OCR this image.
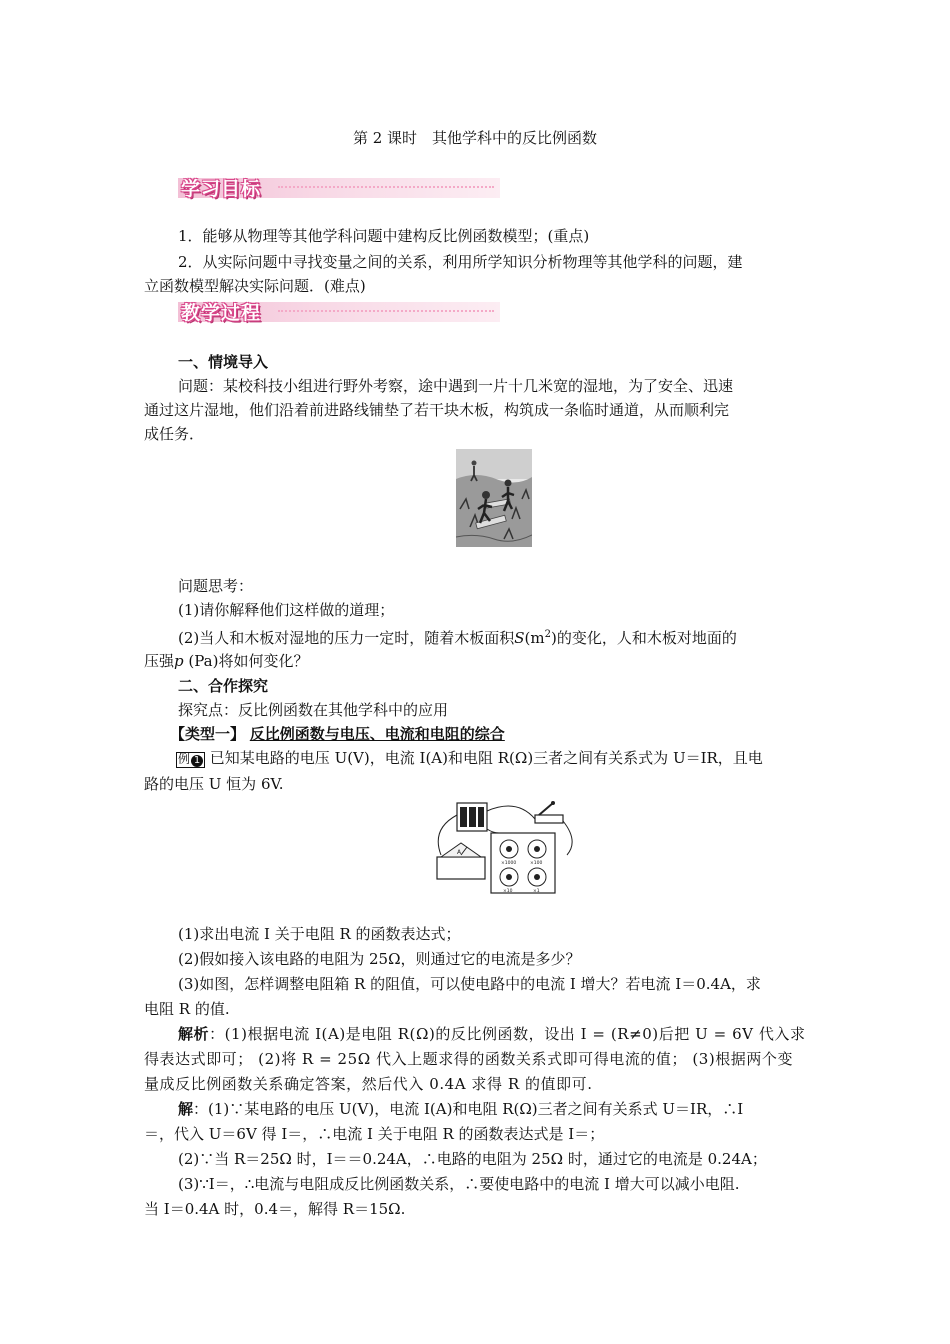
第 2 课时　其他学科中的反比例函数
学习目标
1．能够从物理等其他学科问题中建构反比例函数模型；(重点)
2．从实际问题中寻找变量之间的关系，利用所学知识分析物理等其他学科的问题，建
立函数模型解决实际问题．(难点)
教学过程
一、情境导入
问题：某校科技小组进行野外考察，途中遇到一片十几米宽的湿地，为了安全、迅速
通过这片湿地，他们沿着前进路线铺垫了若干块木板，构筑成一条临时通道，从而顺利完
成任务．
问题思考：
(1)请你解释他们这样做的道理；
(2)当人和木板对湿地的压力一定时，随着木板面积$S(m^2)$的变化，人和木板对地面的
压强p (Pa)将如何变化？
二、合作探究
探究点：反比例函数在其他学科中的应用
【类型一】 反比例函数与电压、电流和电阻的综合
例 1 已知某电路的电压 U(V)，电流 I(A)和电阻 R(Ω)三者之间有关系式为 U＝IR，且电
路的电压 U 恒为 6V.
A
×1000	×100
×10	×1
(1)求出电流 I 关于电阻 R 的函数表达式；
(2)假如接入该电路的电阻为 25Ω，则通过它的电流是多少？
(3)如图，怎样调整电阻箱 R 的阻值，可以使电路中的电流 I 增大？若电流 I＝0.4A，求
电阻 R 的值.
解析：(1)根据电流 I(A)是电阻 R(Ω)的反比例函数，设出 I = (R≠0)后把 U = 6V 代入求
得表达式即可； (2)将 R = 25Ω 代入上题求得的函数关系式即可得电流的值； (3)根据两个变
量成反比例函数关系确定答案，然后代入 0.4A 求得 R 的值即可.
解：(1)∵某电路的电压 U(V)，电流 I(A)和电阻 R(Ω)三者之间有关系式 U＝IR，∴I
＝，代入 U＝6V 得 I＝，∴电流 I 关于电阻 R 的函数表达式是 I＝；
(2)∵当 R＝25Ω 时，I＝＝0.24A，∴电路的电阻为 25Ω 时，通过它的电流是 0.24A；
(3)∵I＝，∴电流与电阻成反比例函数关系，∴要使电路中的电流 I 增大可以减小电阻.
当 I＝0.4A 时，0.4＝，解得 R＝15Ω.
